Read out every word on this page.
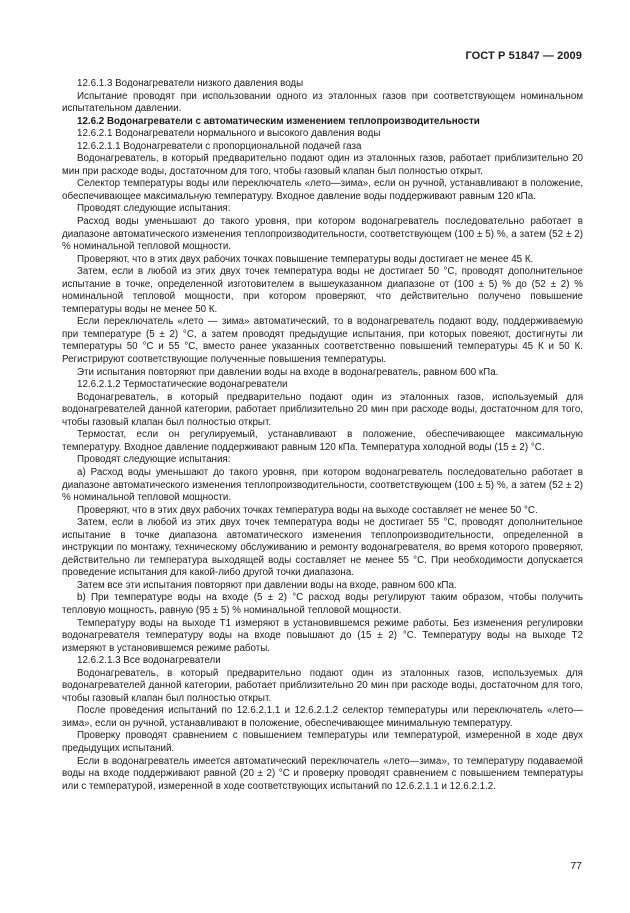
ГОСТ Р 51847 — 2009

12.6.1.3 Водонагреватели низкого давления воды

Испытание проводят при использовании одного из эталонных газов при соответствующем номинальном испытательном давлении.

12.6.2 Водонагреватели с автоматическим изменением теплопроизводительности

12.6.2.1 Водонагреватели нормального и высокого давления воды

12.6.2.1.1 Водонагреватели с пропорциональной подачей газа

Водонагреватель, в который предварительно подают один из эталонных газов, работает приблизительно 20 мин при расходе воды, достаточном для того, чтобы газовый клапан был полностью открыт.

Селектор температуры воды или переключатель «лето—зима», если он ручной, устанавливают в положение, обеспечивающее максимальную температуру. Входное давление воды поддерживают равным 120 кПа.

Проводят следующие испытания:

Расход воды уменьшают до такого уровня, при котором водонагреватель последовательно работает в диапазоне автоматического изменения теплопроизводительности, соответствующем (100 ± 5) %, а затем (52 ± 2) % номинальной тепловой мощности.

Проверяют, что в этих двух рабочих точках повышение температуры воды достигает не менее 45 К.

Затем, если в любой из этих двух точек температура воды не достигает 50 °С, проводят дополнительное испытание в точке, определенной изготовителем в вышеуказанном диапазоне от (100 ± 5) % до (52 ± 2) % номинальной тепловой мощности, при котором проверяют, что действительно получено повышение температуры воды не менее 50 К.

Если переключатель «лето — зима» автоматический, то в водонагреватель подают воду, поддерживаемую при температуре (5 ± 2) °С, а затем проводят предыдущие испытания, при которых повеяют, достигнуты ли температуры 50 °С и 55 °С, вместо ранее указанных соответственно повышений температуры 45 К и 50 К. Регистрируют соответствующие полученные повышения температуры.

Эти испытания повторяют при давлении воды на входе в водонагреватель, равном 600 кПа.

12.6.2.1.2 Термостатические водонагреватели

Водонагреватель, в который предварительно подают один из эталонных газов, используемый для водонагревателей данной категории, работает приблизительно 20 мин при расходе воды, достаточном для того, чтобы газовый клапан был полностью открыт.

Термостат, если он регулируемый, устанавливают в положение, обеспечивающее максимальную температуру. Входное давление поддерживают равным 120 кПа. Температура холодной воды (15 ± 2) °С.

Проводят следующие испытания:

а) Расход воды уменьшают до такого уровня, при котором водонагреватель последовательно работает в диапазоне автоматического изменения теплопроизводительности, соответствующем (100 ± 5) %, а затем (52 ± 2) % номинальной тепловой мощности.

Проверяют, что в этих двух рабочих точках температура воды на выходе составляет не менее 50 °С.

Затем, если в любой из этих двух точек температура воды не достигает 55 °С, проводят дополнительное испытание в точке диапазона автоматического изменения теплопроизводительности, определенной в инструкции по монтажу, техническому обслуживанию и ремонту водонагревателя, во время которого проверяют, действительно ли температура выходящей воды составляет не менее 55 °С. При необходимости допускается проведение испытания для какой-либо другой точки диапазона.

Затем все эти испытания повторяют при давлении воды на входе, равном 600 кПа.

b) При температуре воды на входе (5 ± 2) °С расход воды регулируют таким образом, чтобы получить тепловую мощность, равную (95 ± 5) % номинальной тепловой мощности.

Температуру воды на выходе T1 измеряют в установившемся режиме работы. Без изменения регулировки водонагревателя температуру воды на входе повышают до (15 ± 2) °С. Температуру воды на выходе T2 измеряют в установившемся режиме работы.

12.6.2.1.3 Все водонагреватели

Водонагреватель, в который предварительно подают один из эталонных газов, используемых для водонагревателей данной категории, работает приблизительно 20 мин при расходе воды, достаточном для того, чтобы газовый клапан был полностью открыт.

После проведения испытаний по 12.6.2.1.1 и 12.6.2.1.2 селектор температуры или переключатель «лето—зима», если он ручной, устанавливают в положение, обеспечивающее минимальную температуру.

Проверку проводят сравнением с повышением температуры или температурой, измеренной в ходе двух предыдущих испытаний.

Если в водонагреватель имеется автоматический переключатель «лето—зима», то температуру подаваемой воды на входе поддерживают равной (20 ± 2) °С и проверку проводят сравнением с повышением температуры или с температурой, измеренной в ходе соответствующих испытаний по 12.6.2.1.1 и 12.6.2.1.2.

77
